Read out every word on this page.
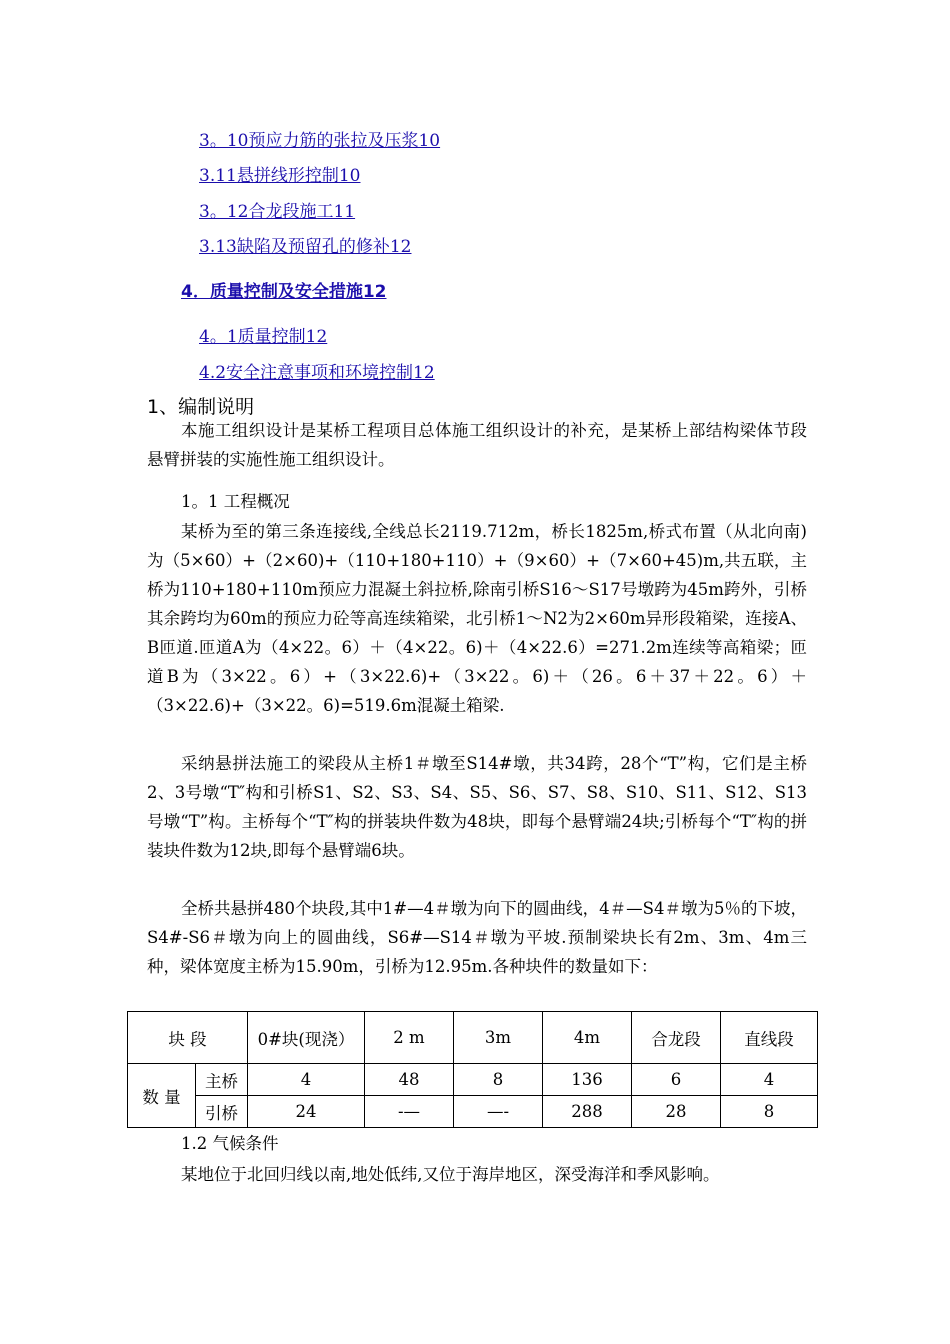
3。10预应力筋的张拉及压浆10
3.11悬拼线形控制10
3。12合龙段施工11
3.13缺陷及预留孔的修补12
4．质量控制及安全措施12
4。1质量控制12
4.2安全注意事项和环境控制12
1、编制说明
本施工组织设计是某桥工程项目总体施工组织设计的补充，是某桥上部结构梁体节段悬臂拼装的实施性施工组织设计。
1。1 工程概况
某桥为至的第三条连接线,全线总长2119.712m，桥长1825m,桥式布置（从北向南)为（5×60）+（2×60)+（110+180+110）+（9×60）+（7×60+45)m,共五联，主桥为110+180+110m预应力混凝土斜拉桥,除南引桥S16～S17号墩跨为45m跨外，引桥其余跨均为60m的预应力砼等高连续箱梁，北引桥1～N2为2×60m异形段箱梁，连接A、B匝道.匝道A为（4×22。6）＋（4×22。6)＋（4×22.6）=271.2m连续等高箱梁；匝道B为（3×22。6）+（3×22.6)+（3×22。6)＋（26。6＋37＋22。6）＋（3×22.6)+（3×22。6)=519.6m混凝土箱梁.
采纳悬拼法施工的梁段从主桥1＃墩至S14#墩，共34跨，28个“T”构，它们是主桥2、3号墩“T″构和引桥S1、S2、S3、S4、S5、S6、S7、S8、S10、S11、S12、S13号墩“T”构。主桥每个“T″构的拼装块件数为48块，即每个悬臂端24块;引桥每个“T″构的拼装块件数为12块,即每个悬臂端6块。
全桥共悬拼480个块段,其中1#—4＃墩为向下的圆曲线，4＃—S4＃墩为5％的下坡，S4#-S6＃墩为向上的圆曲线，S6#—S14＃墩为平坡.预制梁块长有2m、3m、4m三种，梁体宽度主桥为15.90m，引桥为12.95m.各种块件的数量如下：
块 段		0#块(现浇）	2 m	3m	4m	合龙段	直线段
数 量	主桥	4	48	8	136	6	4
	引桥	24	-—	—-	288	28	8
1.2 气候条件
某地位于北回归线以南,地处低纬,又位于海岸地区，深受海洋和季风影响。
